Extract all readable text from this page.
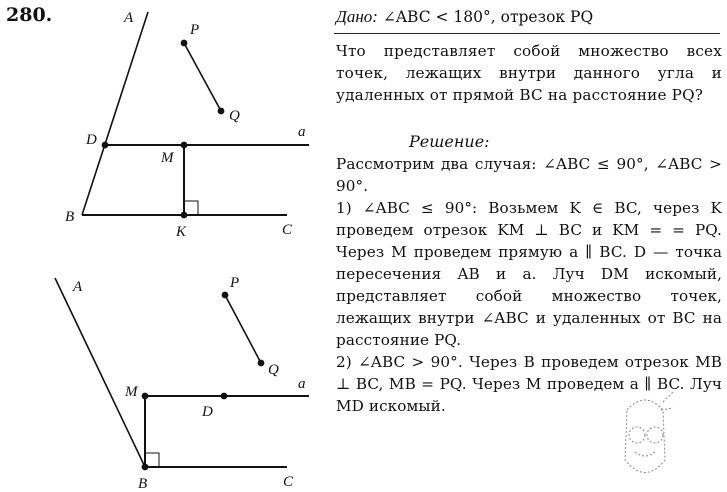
280.	A
P
Q
D
M
a
B
K	C
A	P
Q
M
D
a
B	C
Дано: ∠ABC < 180°, отрезок PQ
Что представляет собой множество всех точек, лежащих внутри данного угла и удаленных от прямой BC на расстояние PQ?
Решение:

Рассмотрим два случая: ∠ABC ≤ 90°, ∠ABC > 90°.

1) ∠ABC ≤ 90°: Возьмем K ∈ BC, через K проведем отрезок KM ⊥ BC и KM = = PQ. Через M проведем прямую a ∥ BC. D — точка пересечения AB и a. Луч DM искомый, представляет собой множество точек, лежащих внутри ∠ABC и удаленных от BC на расстояние PQ.

2) ∠ABC > 90°. Через B проведем отрезок MB ⊥ BC, MB = PQ. Через M проведем a ∥ BC. Луч MD искомый.
